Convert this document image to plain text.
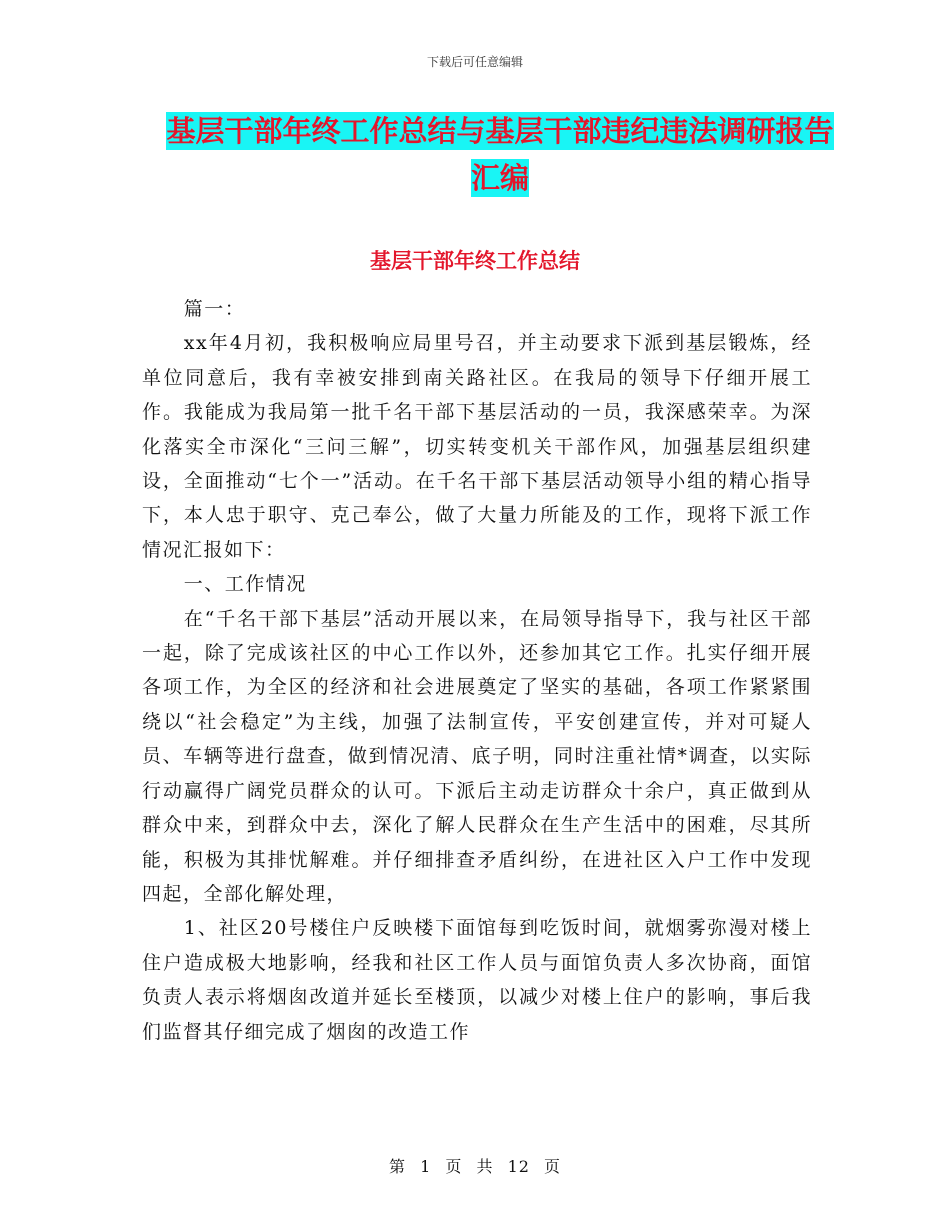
下载后可任意编辑
基层干部年终工作总结与基层干部违纪违法调研报告
汇编
基层干部年终工作总结

篇一：

xx年4月初，我积极响应局里号召，并主动要求下派到基层锻炼，经单位同意后，我有幸被安排到南关路社区。在我局的领导下仔细开展工作。我能成为我局第一批千名干部下基层活动的一员，我深感荣幸。为深化落实全市深化“三问三解”，切实转变机关干部作风，加强基层组织建设，全面推动“七个一”活动。在千名干部下基层活动领导小组的精心指导下，本人忠于职守、克己奉公，做了大量力所能及的工作，现将下派工作情况汇报如下：

一、工作情况

在“千名干部下基层”活动开展以来，在局领导指导下，我与社区干部一起，除了完成该社区的中心工作以外，还参加其它工作。扎实仔细开展各项工作，为全区的经济和社会进展奠定了坚实的基础，各项工作紧紧围绕以“社会稳定”为主线，加强了法制宣传，平安创建宣传，并对可疑人员、车辆等进行盘查，做到情况清、底子明，同时注重社情*调查，以实际行动赢得广阔党员群众的认可。下派后主动走访群众十余户，真正做到从群众中来，到群众中去，深化了解人民群众在生产生活中的困难，尽其所能，积极为其排忧解难。并仔细排查矛盾纠纷，在进社区入户工作中发现四起，全部化解处理，

1、社区20号楼住户反映楼下面馆每到吃饭时间，就烟雾弥漫对楼上住户造成极大地影响，经我和社区工作人员与面馆负责人多次协商，面馆负责人表示将烟囱改道并延长至楼顶，以减少对楼上住户的影响，事后我们监督其仔细完成了烟囱的改造工作

第 1 页 共 12 页
